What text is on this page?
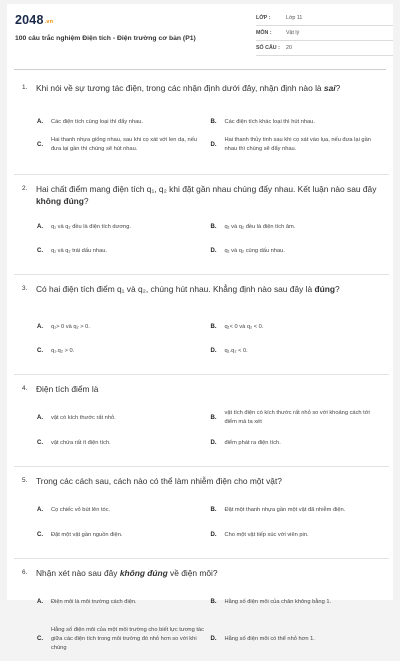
2048.vn
100 câu trắc nghiệm Điện tích - Điện trường cơ bản (P1)
LỚP :	Lớp 11
MÔN :	Vật lý
SỐ CÂU :	20
1.	Khi nói về sự tương tác điện, trong các nhận định dưới đây, nhận định nào là sai?
A.	Các điện tích cùng loại thì đẩy nhau.	B.	Các điện tích khác loại thì hút nhau.
C.
Hai thanh nhựa giống nhau, sau khi cọ xát với len dạ, nếu đưa lại gần thì chúng sẽ hút nhau.
D.
Hai thanh thủy tinh sau khi cọ xát vào lụa, nếu đưa lại gần nhau thì chúng sẽ đẩy nhau.
2.	Hai chất điểm mang điện tích q₁, q₂ khi đặt gần nhau chúng đẩy nhau. Kết luận nào sau đây không đúng?
A.	q₁ và q₂ đều là điện tích dương.	B.	q₁ và q₂ đều là điện tích âm.
C.	q₁ và q₂ trái dấu nhau.	D.	q₁ và q₂ cùng dấu nhau.
3.	Có hai điện tích điểm q₁ và q₂, chúng hút nhau. Khẳng định nào sau đây là đúng?
A.	q₁> 0 và q₂ > 0.	B.	q₁< 0 và q₂ < 0.
C.	q₁.q₂ > 0.	D.	q₁.q₂ < 0.
4.	Điện tích điểm là
A.	vật có kích thước rất nhỏ.	B.
vật tích điện có kích thước rất nhỏ so với khoảng cách tới điểm mà ta xét
C.	vật chứa rất ít điện tích.	D.	điểm phát ra điện tích.
5.	Trong các cách sau, cách nào có thể làm nhiễm điện cho một vật?
A.	Cọ chiếc vỏ bút lên tóc.	B.	Đặt một thanh nhựa gần một vật đã nhiễm điện.
C.	Đặt một vật gần nguồn điện.	D.	Cho một vật tiếp xúc với viên pin.
6.	Nhận xét nào sau đây không đúng về điện môi?
A.	Điện môi là môi trường cách điện.	B.	Hằng số điện môi của chân không bằng 1.
C.
Hằng số điện môi của một môi trường cho biết lực tương tác giữa các điện tích trong môi trường đó nhỏ hơn so với khi chúng
D.	Hằng số điện môi có thể nhỏ hơn 1.
